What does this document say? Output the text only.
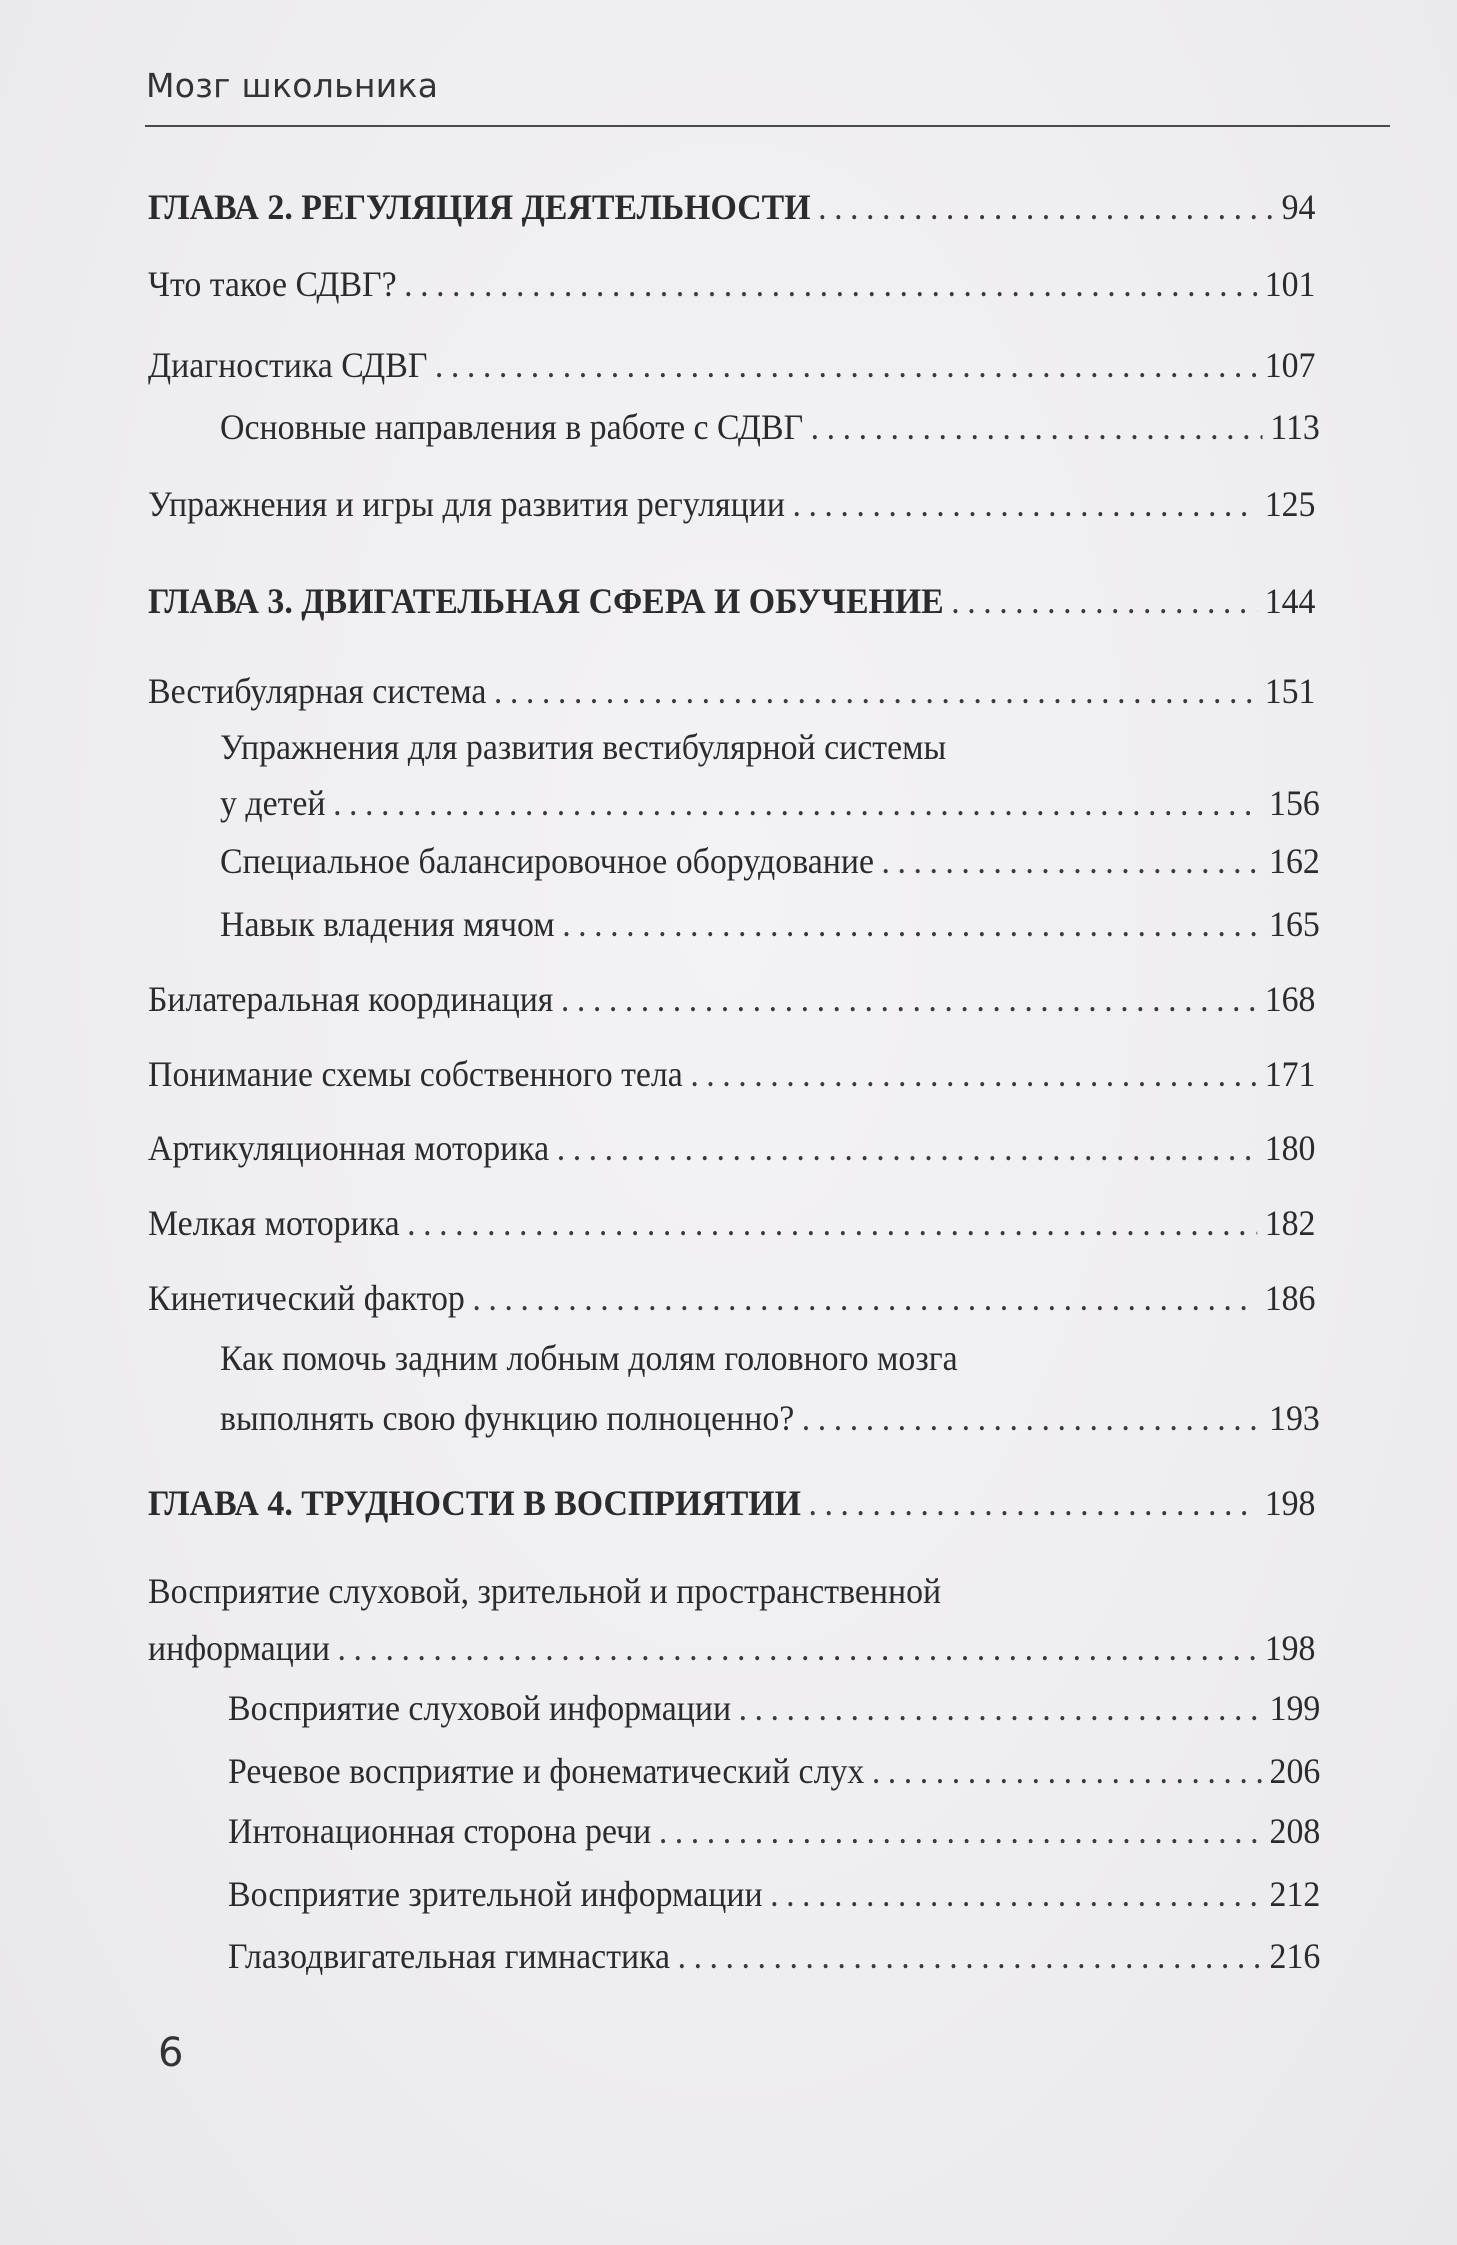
Мозг школьника
ГЛАВА 2. РЕГУЛЯЦИЯ ДЕЯТЕЛЬНОСТИ . . .	94
Что такое СДВГ? . . .	101
Диагностика СДВГ . . .	107
Основные направления в работе с СДВГ . . .	113
Упражнения и игры для развития регуляции . . .	125
ГЛАВА 3. ДВИГАТЕЛЬНАЯ СФЕРА И ОБУЧЕНИЕ . . .	144
Вестибулярная система . . .	151
Упражнения для развития вестибулярной системы
у детей . . .	156
Специальное балансировочное оборудование . . .	162
Навык владения мячом . . .	165
Билатеральная координация . . .	168
Понимание схемы собственного тела . . .	171
Артикуляционная моторика . . .	180
Мелкая моторика . . .	182
Кинетический фактор . . .	186
Как помочь задним лобным долям головного мозга
выполнять свою функцию полноценно? . . .	193
ГЛАВА 4. ТРУДНОСТИ В ВОСПРИЯТИИ . . .	198
Восприятие слуховой, зрительной и пространственной
информации . . .	198
Восприятие слуховой информации . . .	199
Речевое восприятие и фонематический слух . . .	206
Интонационная сторона речи . . .	208
Восприятие зрительной информации . . .	212
Глазодвигательная гимнастика . . .	216
6
